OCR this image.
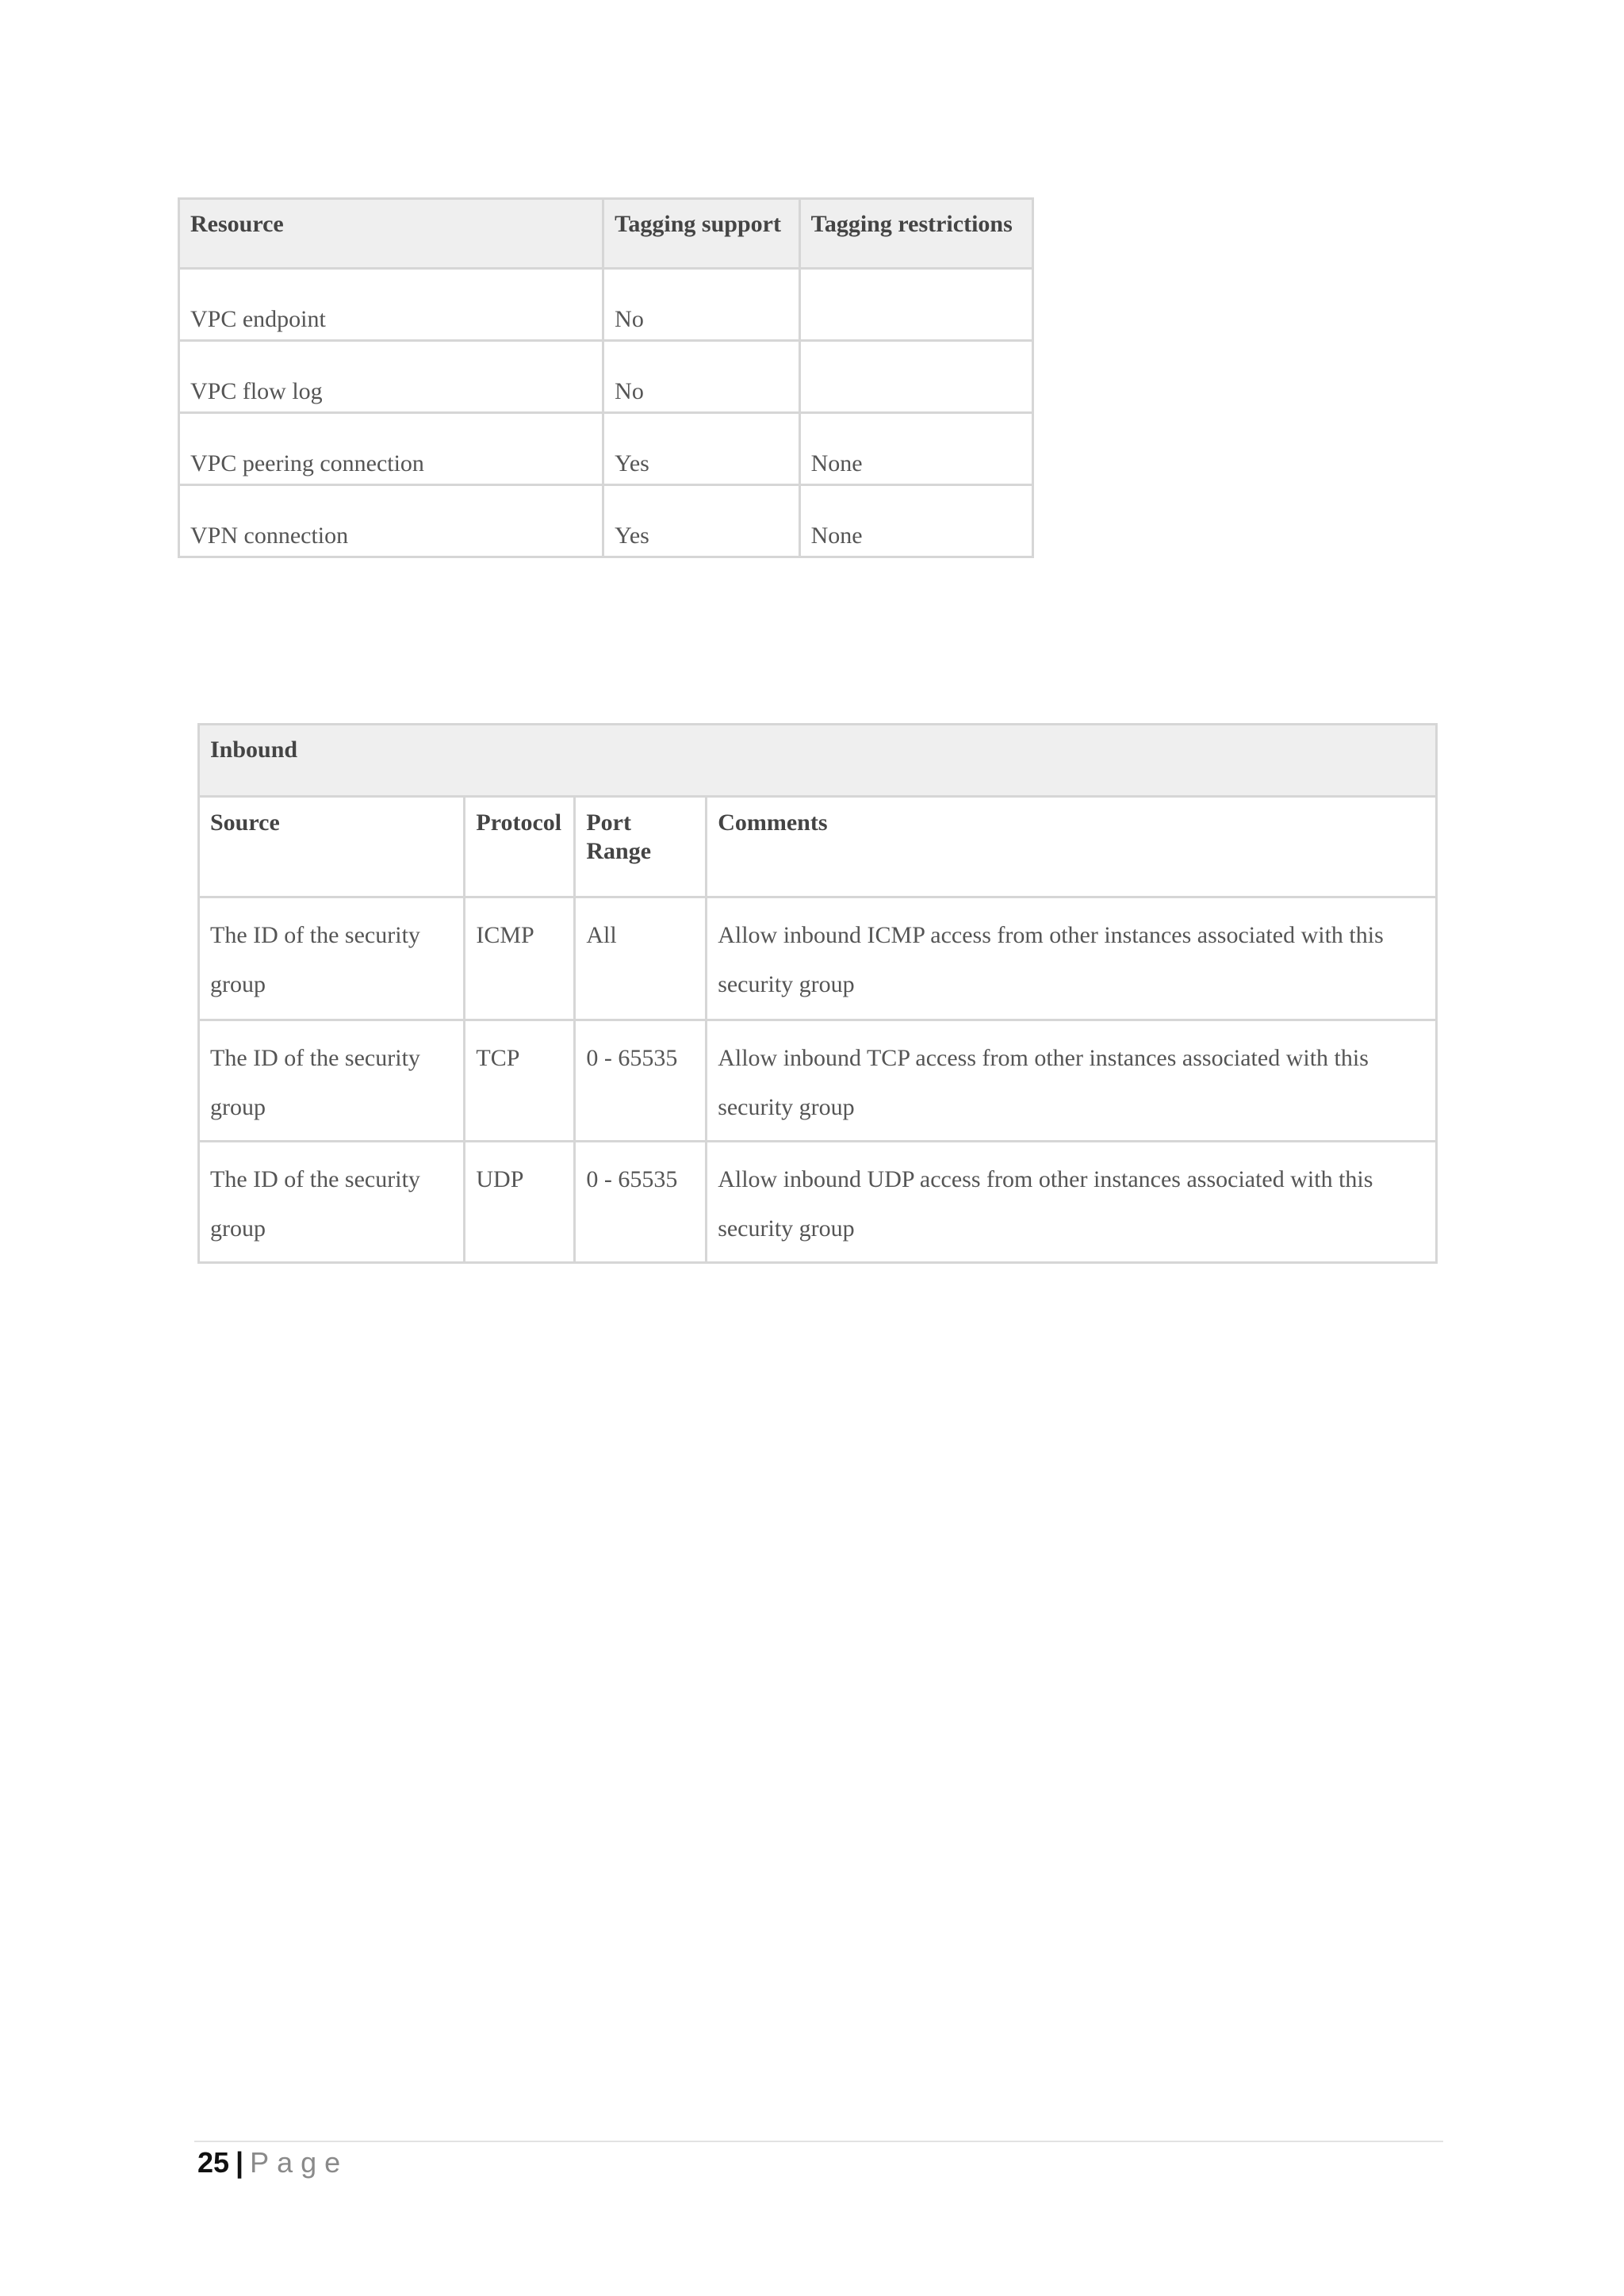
Resource	Tagging support	Tagging restrictions
VPC endpoint	No	
VPC flow log	No	
VPC peering connection	Yes	None
VPN connection	Yes	None
Inbound			
Source	Protocol	Port Range	Comments

The ID of the security group	ICMP	All	Allow inbound ICMP access from other instances associated with this security group

The ID of the security group	TCP	0 - 65535	Allow inbound TCP access from other instances associated with this security group

The ID of the security group	UDP	0 - 65535	Allow inbound UDP access from other instances associated with this security group
25 | Page
